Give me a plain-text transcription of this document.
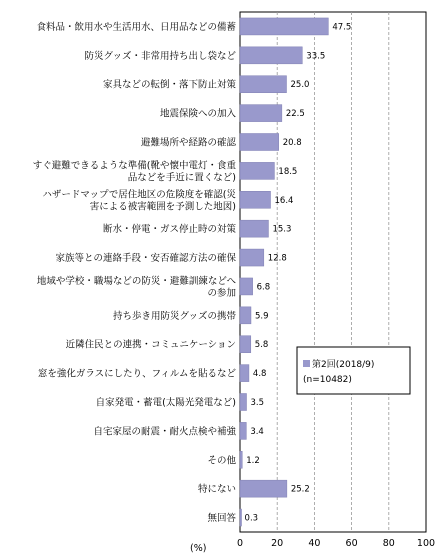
食料品・飲用水や生活用水、日用品などの備蓄
防災グッズ・非常用持ち出し袋など
家具などの転倒・落下防止対策
地震保険への加入
避難場所や経路の確認
すぐ避難できるような準備(靴や懐中電灯・食重品などを手近に置くなど)
ハザードマップで居住地区の危険度を確認(災害による被害範囲を予測した地図)
断水・停電・ガス停止時の対策
家族等との連絡手段・安否確認方法の確保
地域や学校・職場などの防災・避難訓練などへの参加
持ち歩き用防災グッズの携帯
近隣住民との連携・コミュニケーション
窓を強化ガラスにしたり、フィルムを貼るなど
自家発電・蓄電(太陽光発電など)
自宅家屋の耐震・耐火点検や補強
その他
特にない
無回答
47.5
33.5
25.0
22.5
20.8
18.5
16.4
15.3
12.8
6.8
5.9
5.8
4.8
3.5
3.4
1.2
25.2
0.3
0	20	40	60	80 100
(%)
第2回(2018/9)
(n=10482)
